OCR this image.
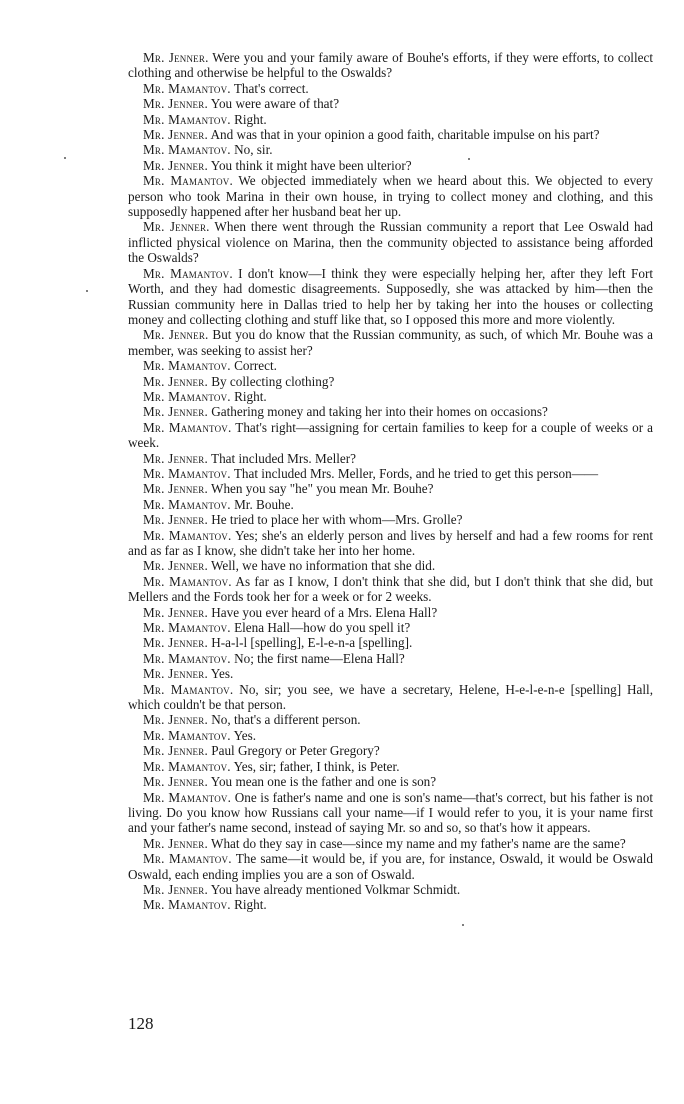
Mr. Jenner. Were you and your family aware of Bouhe's efforts, if they were efforts, to collect clothing and otherwise be helpful to the Oswalds?

Mr. Mamantov. That's correct.

Mr. Jenner. You were aware of that?

Mr. Mamantov. Right.

Mr. Jenner. And was that in your opinion a good faith, charitable impulse on his part?

Mr. Mamantov. No, sir.

Mr. Jenner. You think it might have been ulterior?

Mr. Mamantov. We objected immediately when we heard about this. We objected to every person who took Marina in their own house, in trying to collect money and clothing, and this supposedly happened after her husband beat her up.

Mr. Jenner. When there went through the Russian community a report that Lee Oswald had inflicted physical violence on Marina, then the community objected to assistance being afforded the Oswalds?

Mr. Mamantov. I don't know—I think they were especially helping her, after they left Fort Worth, and they had domestic disagreements. Supposedly, she was attacked by him—then the Russian community here in Dallas tried to help her by taking her into the houses or collecting money and collecting clothing and stuff like that, so I opposed this more and more violently.

Mr. Jenner. But you do know that the Russian community, as such, of which Mr. Bouhe was a member, was seeking to assist her?

Mr. Mamantov. Correct.

Mr. Jenner. By collecting clothing?

Mr. Mamantov. Right.

Mr. Jenner. Gathering money and taking her into their homes on occasions?

Mr. Mamantov. That's right—assigning for certain families to keep for a couple of weeks or a week.

Mr. Jenner. That included Mrs. Meller?

Mr. Mamantov. That included Mrs. Meller, Fords, and he tried to get this person——

Mr. Jenner. When you say "he" you mean Mr. Bouhe?

Mr. Mamantov. Mr. Bouhe.

Mr. Jenner. He tried to place her with whom—Mrs. Grolle?

Mr. Mamantov. Yes; she's an elderly person and lives by herself and had a few rooms for rent and as far as I know, she didn't take her into her home.

Mr. Jenner. Well, we have no information that she did.

Mr. Mamantov. As far as I know, I don't think that she did, but I don't think that she did, but Mellers and the Fords took her for a week or for 2 weeks.

Mr. Jenner. Have you ever heard of a Mrs. Elena Hall?

Mr. Mamantov. Elena Hall—how do you spell it?

Mr. Jenner. H-a-l-l [spelling], E-l-e-n-a [spelling].

Mr. Mamantov. No; the first name—Elena Hall?

Mr. Jenner. Yes.

Mr. Mamantov. No, sir; you see, we have a secretary, Helene, H-e-l-e-n-e [spelling] Hall, which couldn't be that person.

Mr. Jenner. No, that's a different person.

Mr. Mamantov. Yes.

Mr. Jenner. Paul Gregory or Peter Gregory?

Mr. Mamantov. Yes, sir; father, I think, is Peter.

Mr. Jenner. You mean one is the father and one is son?

Mr. Mamantov. One is father's name and one is son's name—that's correct, but his father is not living. Do you know how Russians call your name—if I would refer to you, it is your name first and your father's name second, instead of saying Mr. so and so, so that's how it appears.

Mr. Jenner. What do they say in case—since my name and my father's name are the same?

Mr. Mamantov. The same—it would be, if you are, for instance, Oswald, it would be Oswald Oswald, each ending implies you are a son of Oswald.

Mr. Jenner. You have already mentioned Volkmar Schmidt.

Mr. Mamantov. Right.

128
